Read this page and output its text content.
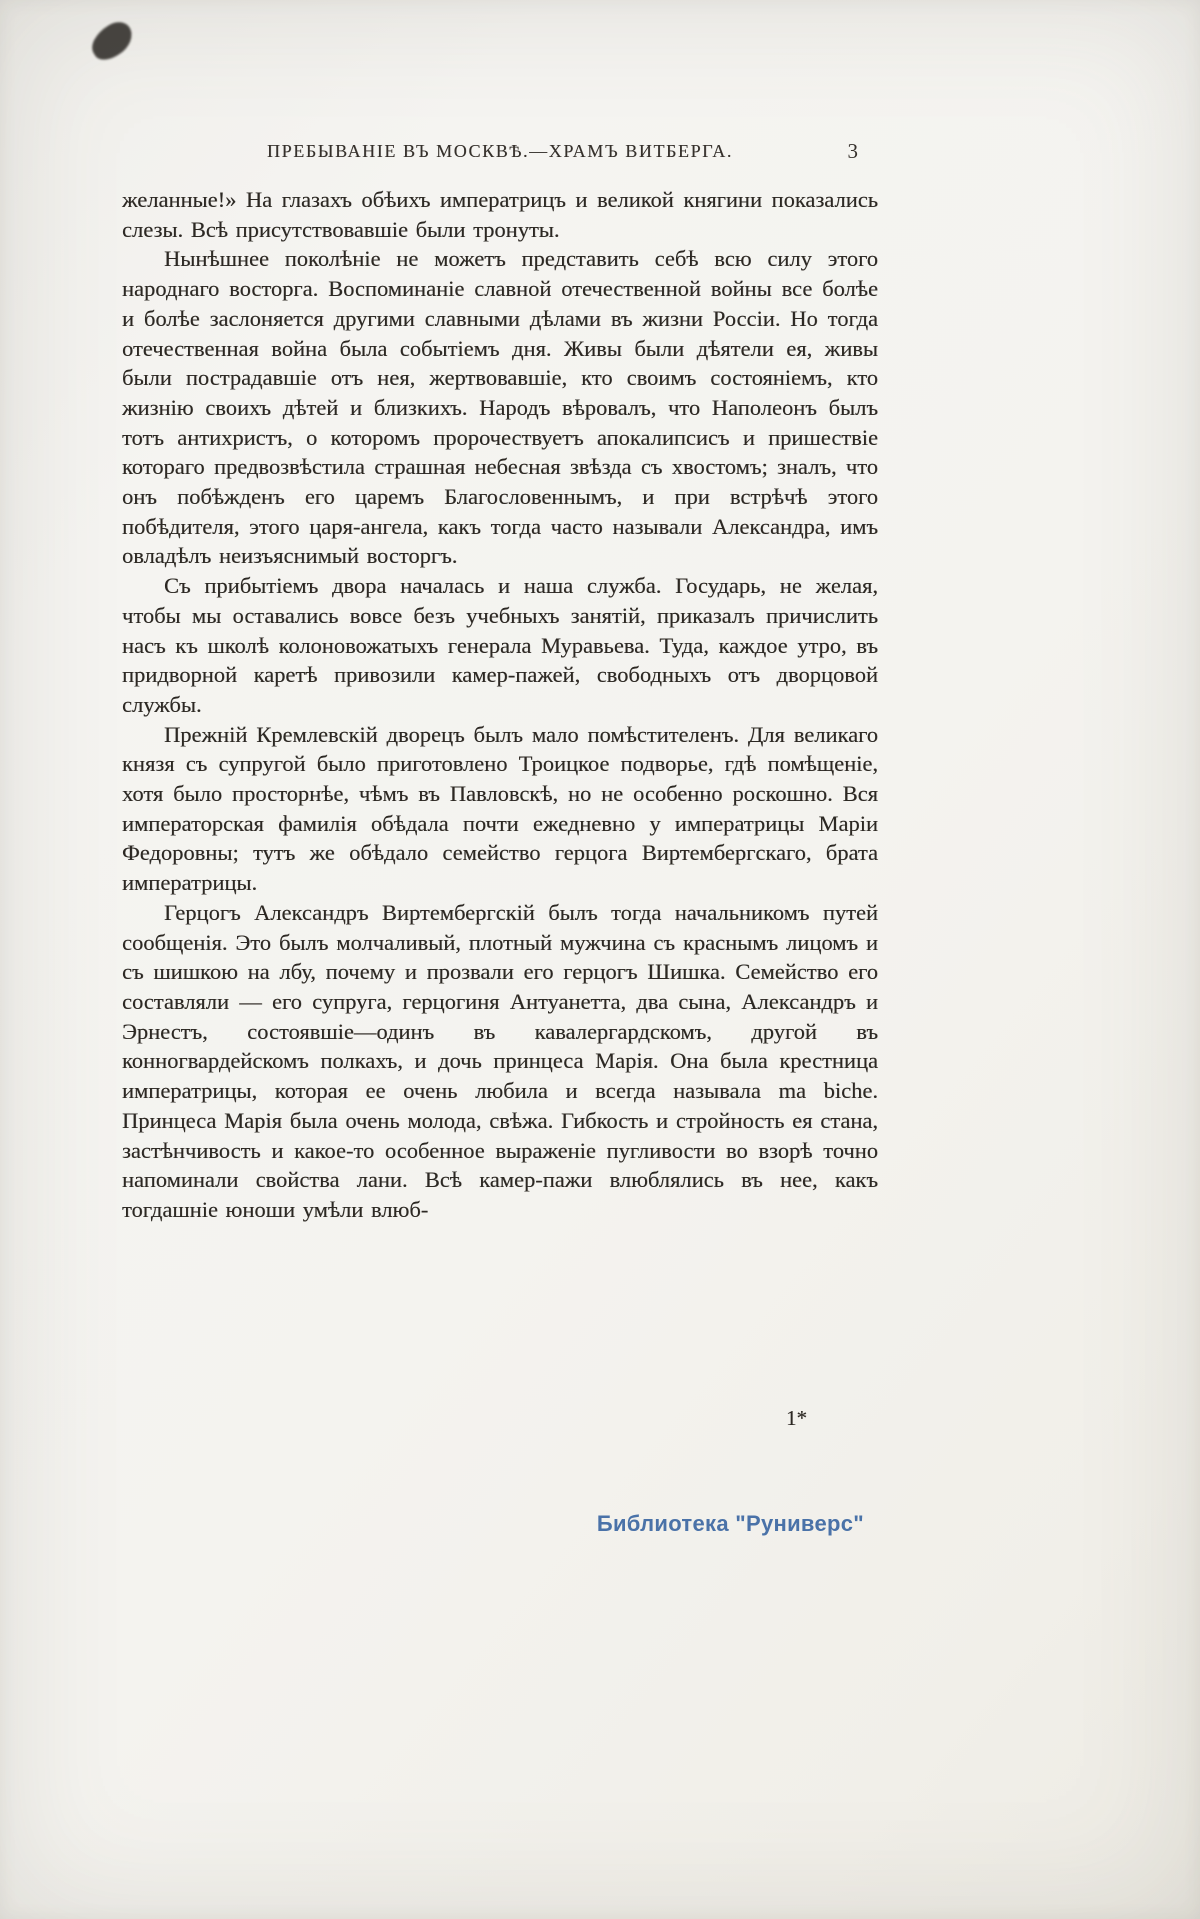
ПРЕБЫВАНІЕ ВЪ МОСКВѢ.—ХРАМЪ ВИТБЕРГА.	3

желанные!» На глазахъ обѣихъ императрицъ и великой княгини показались слезы. Всѣ присутствовавшіе были тронуты.

Нынѣшнее поколѣніе не можетъ представить себѣ всю силу этого народнаго восторга. Воспоминаніе славной отечественной войны все болѣе и болѣе заслоняется другими славными дѣлами въ жизни Россіи. Но тогда отечественная война была событіемъ дня. Живы были дѣятели ея, живы были пострадавшіе отъ нея, жертвовавшіе, кто своимъ состояніемъ, кто жизнію своихъ дѣтей и близкихъ. Народъ вѣровалъ, что Наполеонъ былъ тотъ антихристъ, о которомъ пророчествуетъ апокалипсисъ и пришествіе котораго предвозвѣстила страшная небесная звѣзда съ хвостомъ; зналъ, что онъ побѣжденъ его царемъ Благословеннымъ, и при встрѣчѣ этого побѣдителя, этого царя-ангела, какъ тогда часто называли Александра, имъ овладѣлъ неизъяснимый восторгъ.

Съ прибытіемъ двора началась и наша служба. Государь, не желая, чтобы мы оставались вовсе безъ учебныхъ занятій, приказалъ причислить насъ къ школѣ колоновожатыхъ генерала Муравьева. Туда, каждое утро, въ придворной каретѣ привозили камер-пажей, свободныхъ отъ дворцовой службы.

Прежній Кремлевскій дворецъ былъ мало помѣстителенъ. Для великаго князя съ супругой было приготовлено Троицкое подворье, гдѣ помѣщеніе, хотя было просторнѣе, чѣмъ въ Павловскѣ, но не особенно роскошно. Вся императорская фамилія обѣдала почти ежедневно у императрицы Маріи Федоровны; тутъ же обѣдало семейство герцога Виртембергскаго, брата императрицы.

Герцогъ Александръ Виртембергскій былъ тогда начальникомъ путей сообщенія. Это былъ молчаливый, плотный мужчина съ краснымъ лицомъ и съ шишкою на лбу, почему и прозвали его герцогъ Шишка. Семейство его составляли — его супруга, герцогиня Антуанетта, два сына, Александръ и Эрнестъ, состоявшіе—одинъ въ кавалергардскомъ, другой въ конногвардейскомъ полкахъ, и дочь принцеса Марія. Она была крестница императрицы, которая ее очень любила и всегда называла ma biche. Принцеса Марія была очень молода, свѣжа. Гибкость и стройность ея стана, застѣнчивость и какое-то особенное выраженіе пугливости во взорѣ точно напоминали свойства лани. Всѣ камер-пажи влюблялись въ нее, какъ тогдашніе юноши умѣли влюб-

1*
Библиотека "Руниверс"
